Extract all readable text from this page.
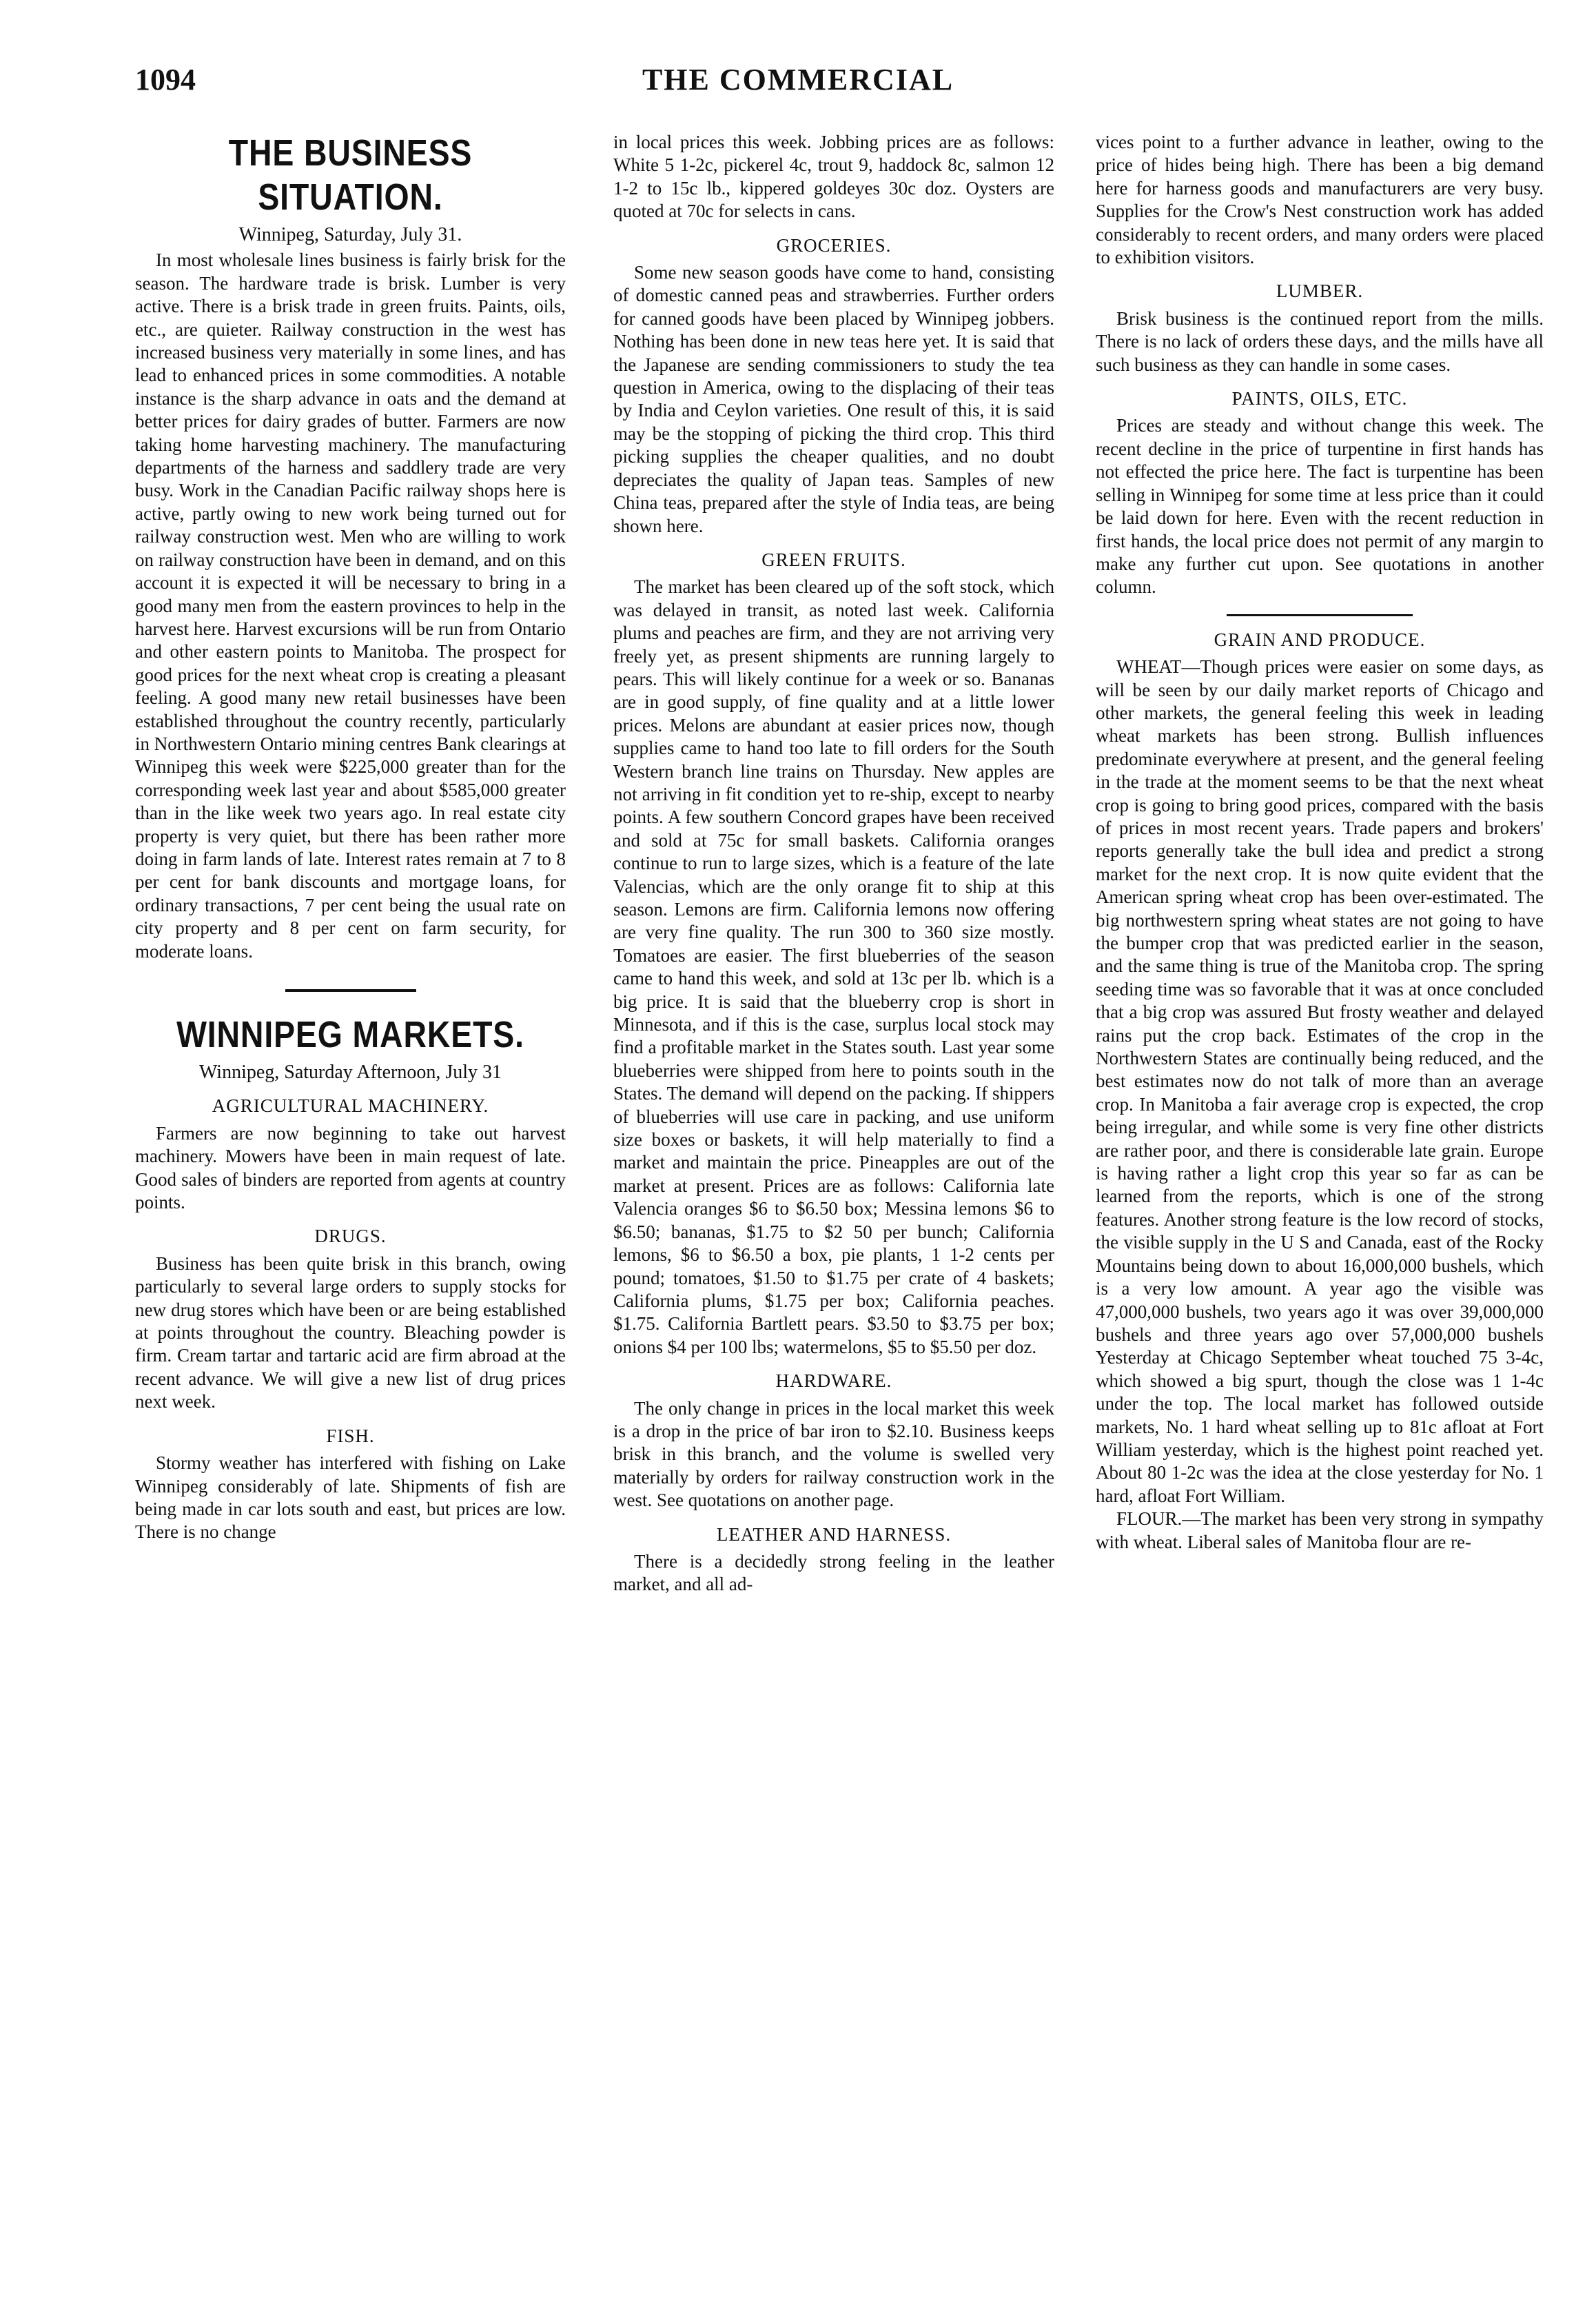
1094	THE COMMERCIAL
THE BUSINESS SITUATION.
Winnipeg, Saturday, July 31.

In most wholesale lines business is fairly brisk for the season. The hardware trade is brisk. Lumber is very active. There is a brisk trade in green fruits. Paints, oils, etc., are quieter. Railway construction in the west has increased business very materially in some lines, and has lead to enhanced prices in some commodities. A notable instance is the sharp advance in oats and the demand at better prices for dairy grades of butter. Farmers are now taking home harvesting machinery. The manufacturing departments of the harness and saddlery trade are very busy. Work in the Canadian Pacific railway shops here is active, partly owing to new work being turned out for railway construction west. Men who are willing to work on railway construction have been in demand, and on this account it is expected it will be necessary to bring in a good many men from the eastern provinces to help in the harvest here. Harvest excursions will be run from Ontario and other eastern points to Manitoba. The prospect for good prices for the next wheat crop is creating a pleasant feeling. A good many new retail businesses have been established throughout the country recently, particularly in Northwestern Ontario mining centres Bank clearings at Winnipeg this week were $225,000 greater than for the corresponding week last year and about $585,000 greater than in the like week two years ago. In real estate city property is very quiet, but there has been rather more doing in farm lands of late. Interest rates remain at 7 to 8 per cent for bank discounts and mortgage loans, for ordinary transactions, 7 per cent being the usual rate on city property and 8 per cent on farm security, for moderate loans.

WINNIPEG MARKETS.
Winnipeg, Saturday Afternoon, July 31
AGRICULTURAL MACHINERY.

Farmers are now beginning to take out harvest machinery. Mowers have been in main request of late. Good sales of binders are reported from agents at country points.

DRUGS.

Business has been quite brisk in this branch, owing particularly to several large orders to supply stocks for new drug stores which have been or are being established at points throughout the country. Bleaching powder is firm. Cream tartar and tartaric acid are firm abroad at the recent advance. We will give a new list of drug prices next week.

FISH.

Stormy weather has interfered with fishing on Lake Winnipeg considerably of late. Shipments of fish are being made in car lots south and east, but prices are low. There is no change

in local prices this week. Jobbing prices are as follows: White 5 1-2c, pickerel 4c, trout 9, haddock 8c, salmon 12 1-2 to 15c lb., kippered goldeyes 30c doz. Oysters are quoted at 70c for selects in cans.

GROCERIES.

Some new season goods have come to hand, consisting of domestic canned peas and strawberries. Further orders for canned goods have been placed by Winnipeg jobbers. Nothing has been done in new teas here yet. It is said that the Japanese are sending commissioners to study the tea question in America, owing to the displacing of their teas by India and Ceylon varieties. One result of this, it is said may be the stopping of picking the third crop. This third picking supplies the cheaper qualities, and no doubt depreciates the quality of Japan teas. Samples of new China teas, prepared after the style of India teas, are being shown here.

GREEN FRUITS.

The market has been cleared up of the soft stock, which was delayed in transit, as noted last week. California plums and peaches are firm, and they are not arriving very freely yet, as present shipments are running largely to pears. This will likely continue for a week or so. Bananas are in good supply, of fine quality and at a little lower prices. Melons are abundant at easier prices now, though supplies came to hand too late to fill orders for the South Western branch line trains on Thursday. New apples are not arriving in fit condition yet to re-ship, except to nearby points. A few southern Concord grapes have been received and sold at 75c for small baskets. California oranges continue to run to large sizes, which is a feature of the late Valencias, which are the only orange fit to ship at this season. Lemons are firm. California lemons now offering are very fine quality. The run 300 to 360 size mostly. Tomatoes are easier. The first blueberries of the season came to hand this week, and sold at 13c per lb. which is a big price. It is said that the blueberry crop is short in Minnesota, and if this is the case, surplus local stock may find a profitable market in the States south. Last year some blueberries were shipped from here to points south in the States. The demand will depend on the packing. If shippers of blueberries will use care in packing, and use uniform size boxes or baskets, it will help materially to find a market and maintain the price. Pineapples are out of the market at present. Prices are as follows: California late Valencia oranges $6 to $6.50 box; Messina lemons $6 to $6.50; bananas, $1.75 to $2 50 per bunch; California lemons, $6 to $6.50 a box, pie plants, 1 1-2 cents per pound; tomatoes, $1.50 to $1.75 per crate of 4 baskets; California plums, $1.75 per box; California peaches. $1.75. California Bartlett pears. $3.50 to $3.75 per box; onions $4 per 100 lbs; watermelons, $5 to $5.50 per doz.

HARDWARE.

The only change in prices in the local market this week is a drop in the price of bar iron to $2.10. Business keeps brisk in this branch, and the volume is swelled very materially by orders for railway construction work in the west. See quotations on another page.

LEATHER AND HARNESS.

There is a decidedly strong feeling in the leather market, and all ad-

vices point to a further advance in leather, owing to the price of hides being high. There has been a big demand here for harness goods and manufacturers are very busy. Supplies for the Crow's Nest construction work has added considerably to recent orders, and many orders were placed to exhibition visitors.

LUMBER.

Brisk business is the continued report from the mills. There is no lack of orders these days, and the mills have all such business as they can handle in some cases.

PAINTS, OILS, ETC.

Prices are steady and without change this week. The recent decline in the price of turpentine in first hands has not effected the price here. The fact is turpentine has been selling in Winnipeg for some time at less price than it could be laid down for here. Even with the recent reduction in first hands, the local price does not permit of any margin to make any further cut upon. See quotations in another column.

GRAIN AND PRODUCE.

WHEAT—Though prices were easier on some days, as will be seen by our daily market reports of Chicago and other markets, the general feeling this week in leading wheat markets has been strong. Bullish influences predominate everywhere at present, and the general feeling in the trade at the moment seems to be that the next wheat crop is going to bring good prices, compared with the basis of prices in most recent years. Trade papers and brokers' reports generally take the bull idea and predict a strong market for the next crop. It is now quite evident that the American spring wheat crop has been over-estimated. The big northwestern spring wheat states are not going to have the bumper crop that was predicted earlier in the season, and the same thing is true of the Manitoba crop. The spring seeding time was so favorable that it was at once concluded that a big crop was assured But frosty weather and delayed rains put the crop back. Estimates of the crop in the Northwestern States are continually being reduced, and the best estimates now do not talk of more than an average crop. In Manitoba a fair average crop is expected, the crop being irregular, and while some is very fine other districts are rather poor, and there is considerable late grain. Europe is having rather a light crop this year so far as can be learned from the reports, which is one of the strong features. Another strong feature is the low record of stocks, the visible supply in the U S and Canada, east of the Rocky Mountains being down to about 16,000,000 bushels, which is a very low amount. A year ago the visible was 47,000,000 bushels, two years ago it was over 39,000,000 bushels and three years ago over 57,000,000 bushels Yesterday at Chicago September wheat touched 75 3-4c, which showed a big spurt, though the close was 1 1-4c under the top. The local market has followed outside markets, No. 1 hard wheat selling up to 81c afloat at Fort William yesterday, which is the highest point reached yet. About 80 1-2c was the idea at the close yesterday for No. 1 hard, afloat Fort William.

FLOUR.—The market has been very strong in sympathy with wheat. Liberal sales of Manitoba flour are re-
